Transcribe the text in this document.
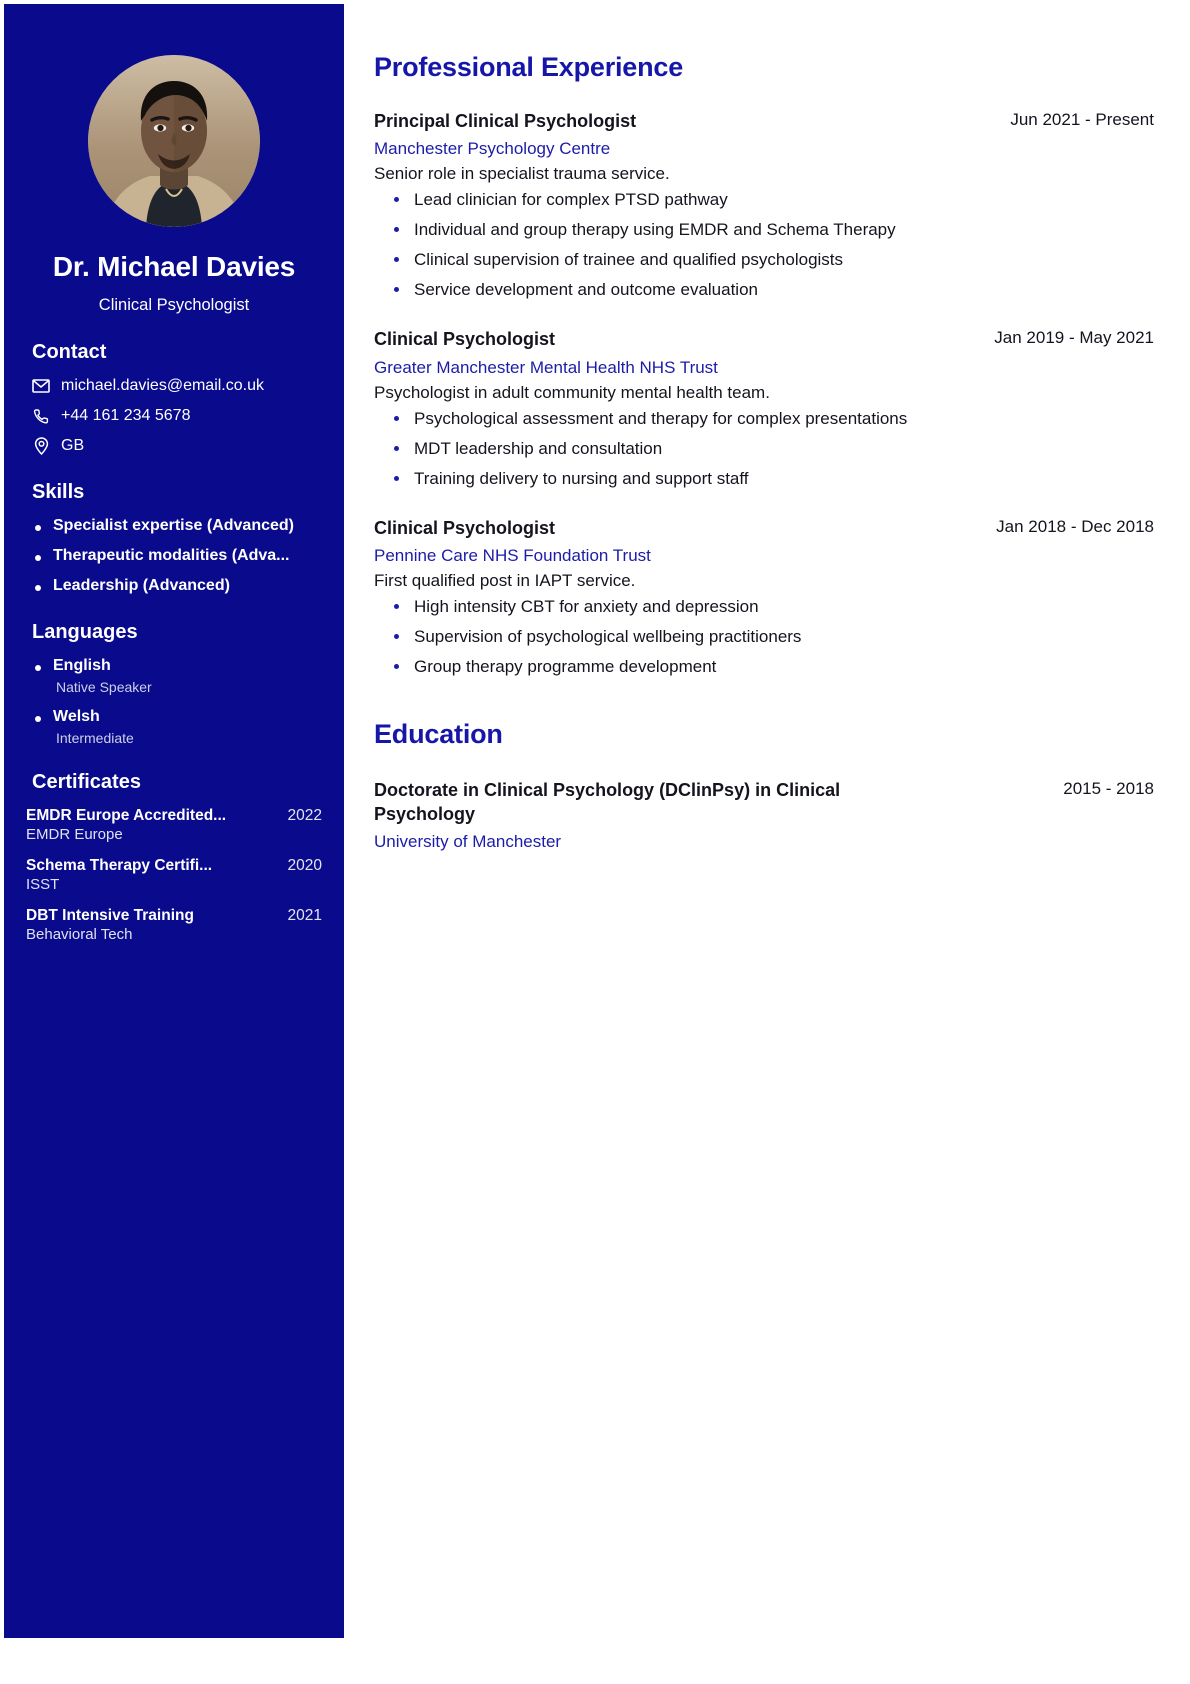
Dr. Michael Davies
Clinical Psychologist
Contact
michael.davies@email.co.uk
+44 161 234 5678
GB
Skills
Specialist expertise (Advanced)
Therapeutic modalities (Adva...
Leadership (Advanced)
Languages
English
Native Speaker
Welsh
Intermediate
Certificates
EMDR Europe Accredited...	2022
EMDR Europe
Schema Therapy Certifi...	2020
ISST
DBT Intensive Training	2021
Behavioral Tech
Professional Experience
Principal Clinical Psychologist	Jun 2021 - Present
Manchester Psychology Centre
Senior role in specialist trauma service.
Lead clinician for complex PTSD pathway
Individual and group therapy using EMDR and Schema Therapy
Clinical supervision of trainee and qualified psychologists
Service development and outcome evaluation
Clinical Psychologist	Jan 2019 - May 2021
Greater Manchester Mental Health NHS Trust
Psychologist in adult community mental health team.
Psychological assessment and therapy for complex presentations
MDT leadership and consultation
Training delivery to nursing and support staff
Clinical Psychologist	Jan 2018 - Dec 2018
Pennine Care NHS Foundation Trust
First qualified post in IAPT service.
High intensity CBT for anxiety and depression
Supervision of psychological wellbeing practitioners
Group therapy programme development
Education
Doctorate in Clinical Psychology (DClinPsy) in Clinical Psychology
2015 - 2018
University of Manchester
